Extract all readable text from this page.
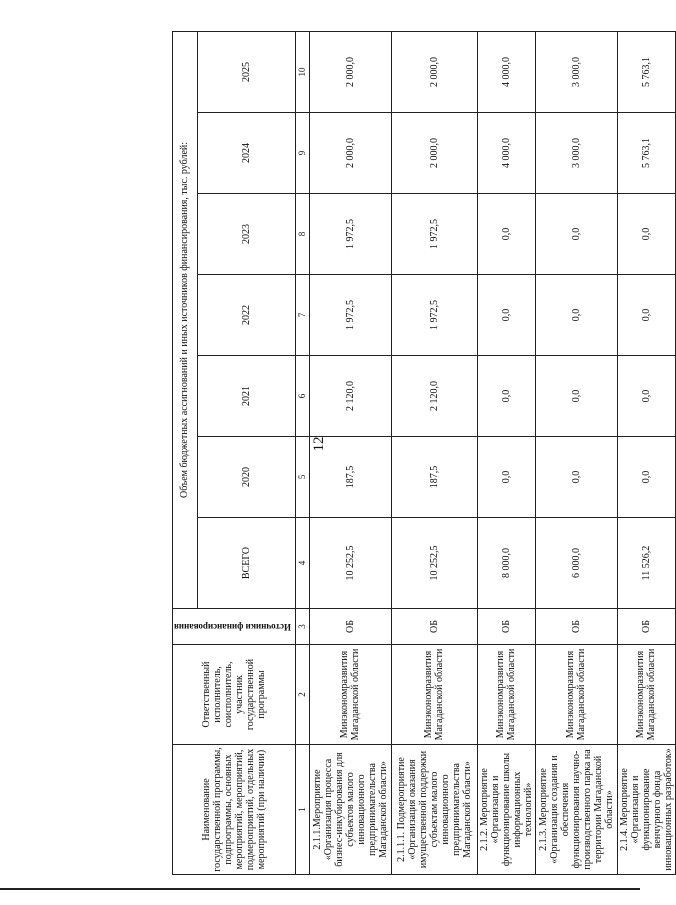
12
Наименование государственной программы, подпрограммы, основных мероприятий, мероприятий, подмероприятий, отдельных мероприятий (при наличии)	Ответственный исполнитель, соисполнитель, участник государственной программы	Источники финансирования	Объем бюджетных ассигнований и иных источников финансирования, тыс. рублей:						
			ВСЕГО	2020	2021	2022	2023	2024	2025
1	2	3	4	5	6	7	8	9	10
2.1.1.Мероприятие «Организация процесса бизнес-инкубирования для субъектов малого инновационного предпринимательства Магаданской области»	Минэкономразвития Магаданской области	ОБ	10 252,5	187,5	2 120,0	1 972,5	1 972,5	2 000,0	2 000,0
2.1.1.1. Подмероприятие «Организация оказания имущественной поддержки субъектам малого инновационного предпринимательства Магаданской области»	Минэкономразвития Магаданской области	ОБ	10 252,5	187,5	2 120,0	1 972,5	1 972,5	2 000,0	2 000,0
2.1.2. Мероприятие «Организация и функционирование школы информационных технологий»	Минэкономразвития Магаданской области	ОБ	8 000,0	0,0	0,0	0,0	0,0	4 000,0	4 000,0
2.1.3. Мероприятие «Организация создания и обеспечения функционирования научно-производственного парка на территории Магаданской области»	Минэкономразвития Магаданской области	ОБ	6 000,0	0,0	0,0	0,0	0,0	3 000,0	3 000,0
2.1.4. Мероприятие «Организация и функционирование венчурного фонда инновационных разработок»	Минэкономразвития Магаданской области	ОБ	11 526,2	0,0	0,0	0,0	0,0	5 763,1	5 763,1
